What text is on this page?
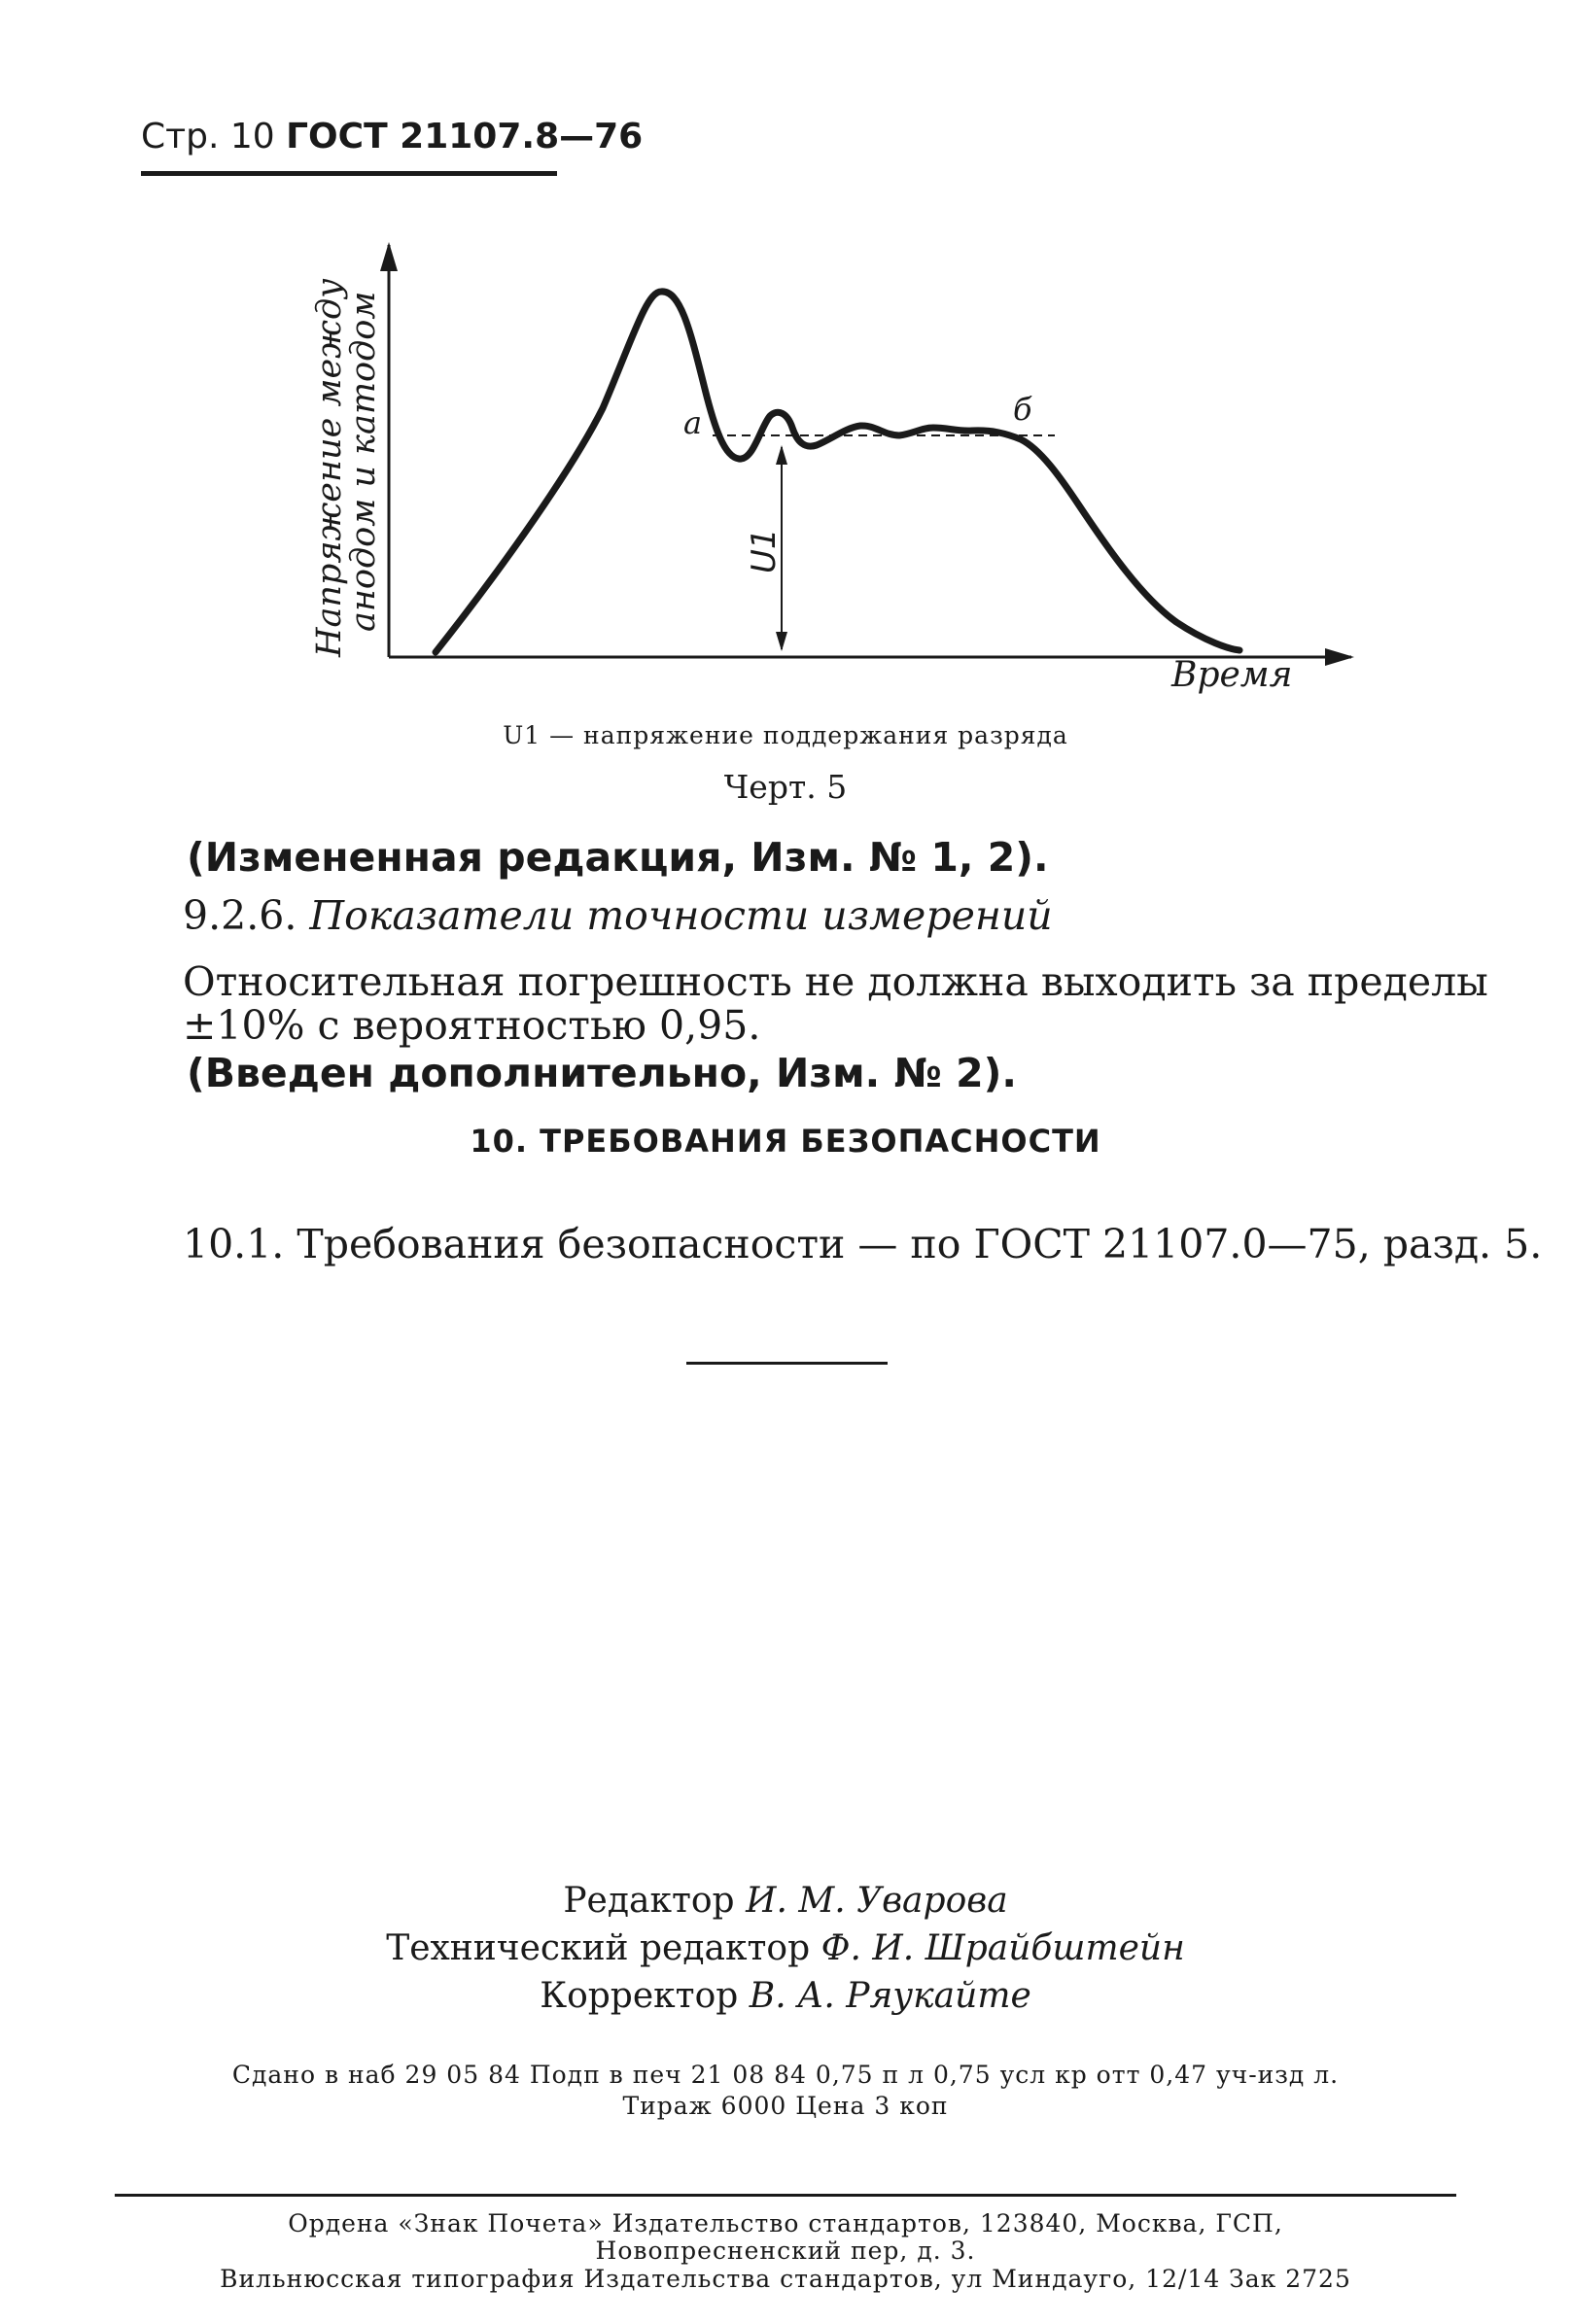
Стр. 10 ГОСТ 21107.8—76
а	б
U1
Время
Напряжение между
анодом и катодом
U1 — напряжение поддержания разряда
Черт. 5
(Измененная редакция, Изм. № 1, 2).
9.2.6. Показатели точности измерений
Относительная погрешность не должна выходить за пределы
±10% с вероятностью 0,95.
(Введен дополнительно, Изм. № 2).
10. ТРЕБОВАНИЯ БЕЗОПАСНОСТИ
10.1. Требования безопасности — по ГОСТ 21107.0—75, разд. 5.
Редактор И. М. Уварова
Технический редактор Ф. И. Шрайбштейн
Корректор В. А. Ряукайте
Сдано в наб 29 05 84 Подп в печ 21 08 84 0,75 п л 0,75 усл кр отт 0,47 уч-изд л.
Тираж 6000 Цена 3 коп
Ордена «Знак Почета» Издательство стандартов, 123840, Москва, ГСП,
Новопресненский пер, д. 3.
Вильнюсская типография Издательства стандартов, ул Миндауго, 12/14 Зак 2725
